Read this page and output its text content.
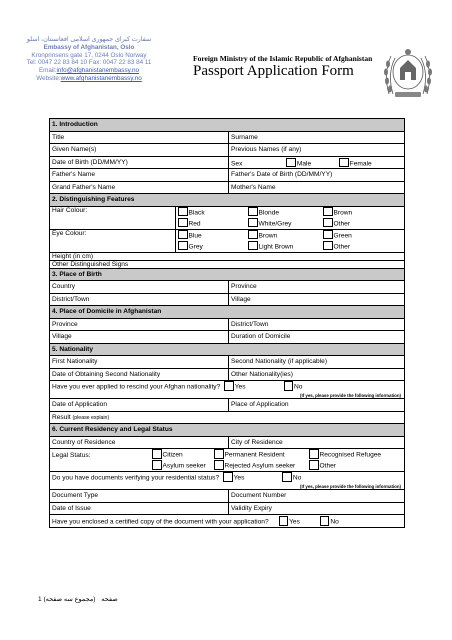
سفارت کبرای جمهوری اسلامی افغانستان، اسلو
Embassy of Afghanistan, Oslo
Kronprinsens gate 17, 0244 Oslo Norway
Tel: 0047 22 83 84 10 Fax: 0047 22 83 84 11
Email:info@afghanistanembassy.no
Website:www.afghanistanembassy.no
Foreign Ministry of the Islamic Republic of Afghanistan
Passport Application Form
1. Introduction		
Title		Surname
Given Name(s)		Previous Names (if any)
Date of Birth (DD/MM/YY)		Sex Male Female
Father's Name		Father's Date of Birth (DD/MM/YY)
Grand Father's Name		Mother's Name
2. Distinguishing Features		
Hair Colour:	Black Blonde Brown
Red White/Grey Other	

Eye Colour:	Blue Brown Green
Grey Light Brown Other	

Height (in cm)		
Other Distinguished Signs		
3. Place of Birth		
Country		Province
District/Town		Village
4. Place of Domicile in Afghanistan		
Province		District/Town
Village		Duration of Domicile
5. Nationality		
First Nationality		Second Nationality (if applicable)
Date of Obtaining Second Nationality		Other Nationality(ies)
Have you ever applied to rescind your Afghan nationality? Yes No
(If yes, please provide the following information)		

Date of Application		Place of Application
Result (please explain)		
6. Current Residency and Legal Status		
Country of Residence		City of Residence

Legal Status: Citizen Permanent Resident Recognised Refugee
Asylum seeker Rejected Asylum seeker Other		

Do you have documents verifying your residential status? Yes No
(If yes, please provide the following information)		

Document Type		Document Number
Date of Issue		Validity Expiry
Have you enclosed a certified copy of the document with your application? Yes No		
1	صفحه (مجموع سه صفحه)
